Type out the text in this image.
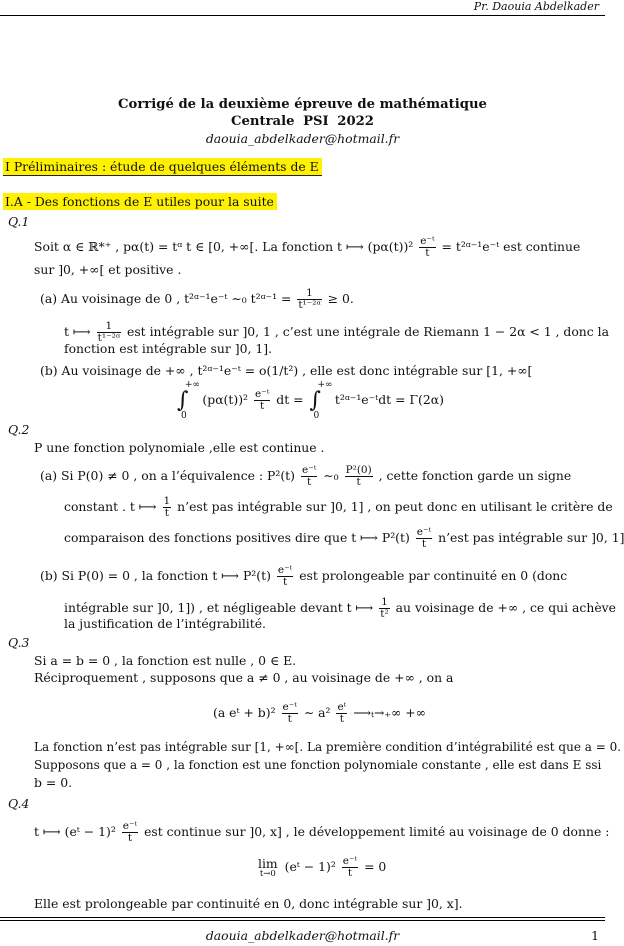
Pr. Daouia Abdelkader
Corrigé de la deuxième épreuve de mathématique
Centrale PSI 2022
daouia_abdelkader@hotmail.fr
I Préliminaires : étude de quelques éléments de E
I.A - Des fonctions de E utiles pour la suite
Q.1
Soit α ∈ ℝ*⁺ , pα(t) = tᵅ t ∈ [0, +∞[. La fonction t ⟼ $(p\alpha(t))^2 \frac{\text{e⁻ᵗ}}{t}$ = t²ᵅ⁻¹e⁻ᵗ est continue
sur ]0, +∞[ et positive .
(a) Au voisinage de 0 , t²ᵅ⁻¹e⁻ᵗ ∼₀ t²ᵅ⁻¹ = $\frac{1}{\text{t¹⁻²ᵅ}} \ge 0$.
t ⟼ $\frac{1}{\text{t¹⁻²ᵅ}}$ est intégrable sur ]0, 1 , c’est une intégrale de Riemann 1 − 2α < 1 , donc la
fonction est intégrable sur ]0, 1].
(b) Au voisinage de +∞ , t²ᵅ⁻¹e⁻ᵗ = o(1/t²) , elle est donc intégrable sur [1, +∞[
∫
+∞
0
$(p\alpha(t))^2 \frac{\text{e⁻ᵗ}}{t}$ dt = ∫
+∞
0
t²ᵅ⁻¹e⁻ᵗdt = Γ(2α)
Q.2
P une fonction polynomiale ,elle est continue .
(a) Si P(0) ≠ 0 , on a l’équivalence : $P^2(t) \frac{\text{e⁻ᵗ}}{t}$ ∼₀ $\frac{\text{P²(0)}}{t}$ , cette fonction garde un signe
constant . t ⟼ $\frac{1}{t}$ n’est pas intégrable sur ]0, 1] , on peut donc en utilisant le critère de
comparaison des fonctions positives dire que t ⟼ $P^2(t) \frac{\text{e⁻ᵗ}}{t}$ n’est pas intégrable sur ]0, 1]
(b) Si P(0) = 0 , la fonction t ⟼ $P^2(t) \frac{\text{e⁻ᵗ}}{t}$ est prolongeable par continuité en 0 (donc
intégrable sur ]0, 1]) , et négligeable devant t ⟼ $\frac{1}{\text{t²}}$ au voisinage de +∞ , ce qui achève
la justification de l’intégrabilité.
Q.3
Si a = b = 0 , la fonction est nulle , 0 ∈ E.
Réciproquement , supposons que a ≠ 0 , au voisinage de +∞ , on a
(a eᵗ + $b)^2 \frac{\text{e⁻ᵗ}}{t}$ ∼ $a^2 \frac{\text{eᵗ}}{t}$ ⟶ₜ→₊∞ +∞
La fonction n’est pas intégrable sur [1, +∞[. La première condition d’intégrabilité est que a = 0.
Supposons que a = 0 , la fonction est une fonction polynomiale constante , elle est dans E ssi
b = 0.
Q.4
t ⟼ (eᵗ − $1)^2 \frac{\text{e⁻ᵗ}}{t}$ est continue sur ]0, x] , le développement limité au voisinage de 0 donne :
lim
t→0 (eᵗ − $1)^2 \frac{\text{e⁻ᵗ}}{t} = 0$
Elle est prolongeable par continuité en 0, donc intégrable sur ]0, x].
daouia_abdelkader@hotmail.fr	1
